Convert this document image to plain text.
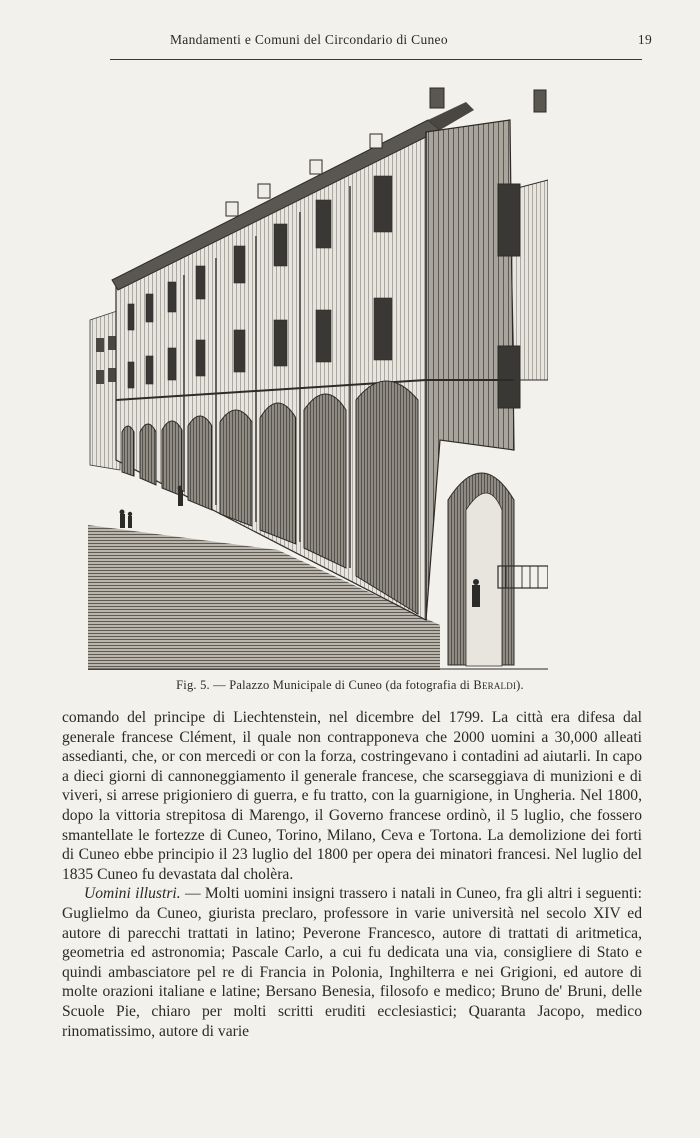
Mandamenti e Comuni del Circondario di Cuneo	19
Fig. 5. — Palazzo Municipale di Cuneo (da fotografia di Beraldi).

comando del principe di Liechtenstein, nel dicembre del 1799. La città era difesa dal generale francese Clément, il quale non contrapponeva che 2000 uomini a 30,000 alleati assedianti, che, or con mercedi or con la forza, costringevano i contadini ad aiutarli. In capo a dieci giorni di cannoneggiamento il generale francese, che scarseggiava di munizioni e di viveri, si arrese prigioniero di guerra, e fu tratto, con la guarnigione, in Ungheria. Nel 1800, dopo la vittoria strepitosa di Marengo, il Governo francese ordinò, il 5 luglio, che fossero smantellate le fortezze di Cuneo, Torino, Milano, Ceva e Tortona. La demolizione dei forti di Cuneo ebbe principio il 23 luglio del 1800 per opera dei minatori francesi. Nel luglio del 1835 Cuneo fu devastata dal cholèra.

Uomini illustri. — Molti uomini insigni trassero i natali in Cuneo, fra gli altri i seguenti: Guglielmo da Cuneo, giurista preclaro, professore in varie università nel secolo XIV ed autore di parecchi trattati in latino; Peverone Francesco, autore di trattati di aritmetica, geometria ed astronomia; Pascale Carlo, a cui fu dedicata una via, consigliere di Stato e quindi ambasciatore pel re di Francia in Polonia, Inghilterra e nei Grigioni, ed autore di molte orazioni italiane e latine; Bersano Benesia, filosofo e medico; Bruno de' Bruni, delle Scuole Pie, chiaro per molti scritti eruditi ecclesiastici; Quaranta Jacopo, medico rinomatissimo, autore di varie
